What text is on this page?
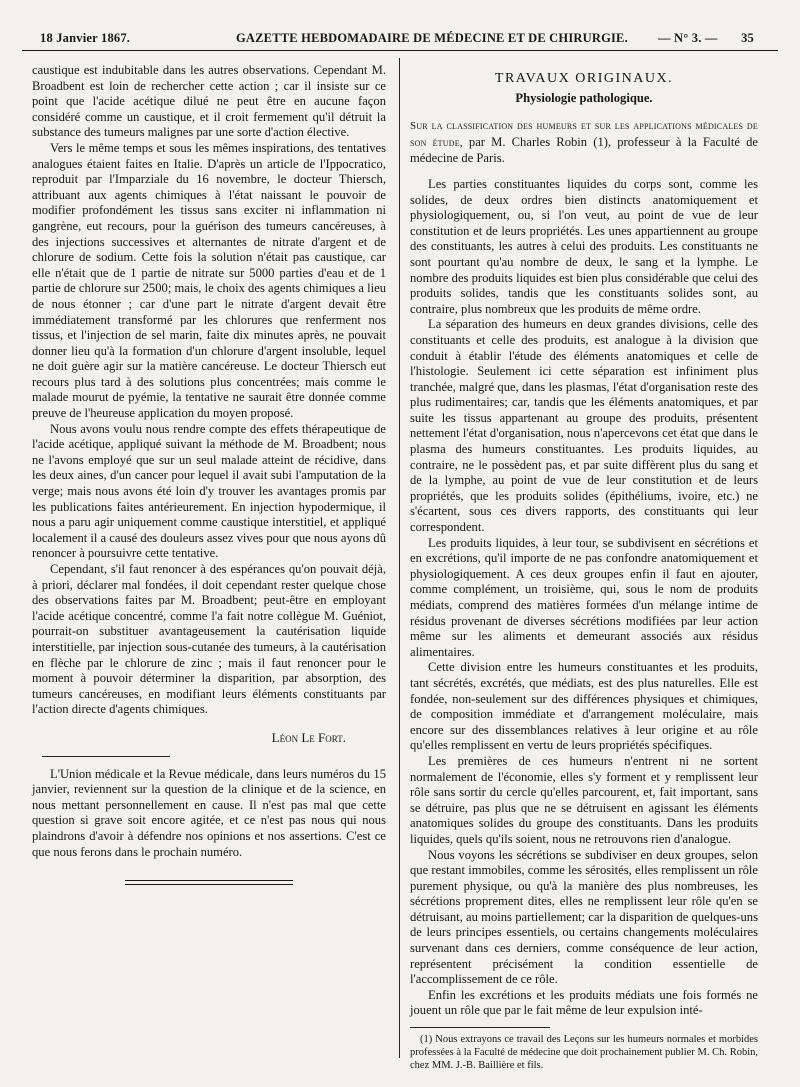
18 Janvier 1867.	GAZETTE HEBDOMADAIRE DE MÉDECINE ET DE CHIRURGIE. — N° 3. — 35

caustique est indubitable dans les autres observations. Cependant M. Broadbent est loin de rechercher cette action ; car il insiste sur ce point que l'acide acétique dilué ne peut être en aucune façon considéré comme un caustique, et il croit fermement qu'il détruit la substance des tumeurs malignes par une sorte d'action élective.

Vers le même temps et sous les mêmes inspirations, des tentatives analogues étaient faites en Italie. D'après un article de l'Ippocratico, reproduit par l'Imparziale du 16 novembre, le docteur Thiersch, attribuant aux agents chimiques à l'état naissant le pouvoir de modifier profondément les tissus sans exciter ni inflammation ni gangrène, eut recours, pour la guérison des tumeurs cancéreuses, à des injections successives et alternantes de nitrate d'argent et de chlorure de sodium. Cette fois la solution n'était pas caustique, car elle n'était que de 1 partie de nitrate sur 5000 parties d'eau et de 1 partie de chlorure sur 2500; mais, le choix des agents chimiques a lieu de nous étonner ; car d'une part le nitrate d'argent devait être immédiatement transformé par les chlorures que renferment nos tissus, et l'injection de sel marin, faite dix minutes après, ne pouvait donner lieu qu'à la formation d'un chlorure d'argent insoluble, lequel ne doit guère agir sur la matière cancéreuse. Le docteur Thiersch eut recours plus tard à des solutions plus concentrées; mais comme le malade mourut de pyémie, la tentative ne saurait être donnée comme preuve de l'heureuse application du moyen proposé.

Nous avons voulu nous rendre compte des effets thérapeutique de l'acide acétique, appliqué suivant la méthode de M. Broadbent; nous ne l'avons employé que sur un seul malade atteint de récidive, dans les deux aines, d'un cancer pour lequel il avait subi l'amputation de la verge; mais nous avons été loin d'y trouver les avantages promis par les publications faites antérieurement. En injection hypodermique, il nous a paru agir uniquement comme caustique interstitiel, et appliqué localement il a causé des douleurs assez vives pour que nous ayons dû renoncer à poursuivre cette tentative.

Cependant, s'il faut renoncer à des espérances qu'on pouvait déjà, à priori, déclarer mal fondées, il doit cependant rester quelque chose des observations faites par M. Broadbent; peut-être en employant l'acide acétique concentré, comme l'a fait notre collègue M. Guéniot, pourrait-on substituer avantageusement la cautérisation liquide interstitielle, par injection sous-cutanée des tumeurs, à la cautérisation en flèche par le chlorure de zinc ; mais il faut renoncer pour le moment à pouvoir déterminer la disparition, par absorption, des tumeurs cancéreuses, en modifiant leurs éléments constituants par l'action directe d'agents chimiques.

Léon Le Fort.

L'Union médicale et la Revue médicale, dans leurs numéros du 15 janvier, reviennent sur la question de la clinique et de la science, en nous mettant personnellement en cause. Il n'est pas mal que cette question si grave soit encore agitée, et ce n'est pas nous qui nous plaindrons d'avoir à défendre nos opinions et nos assertions. C'est ce que nous ferons dans le prochain numéro.

TRAVAUX ORIGINAUX.
Physiologie pathologique.

Sur la classification des humeurs et sur les applications médicales de son étude, par M. Charles Robin (1), professeur à la Faculté de médecine de Paris.

Les parties constituantes liquides du corps sont, comme les solides, de deux ordres bien distincts anatomiquement et physiologiquement, ou, si l'on veut, au point de vue de leur constitution et de leurs propriétés. Les unes appartiennent au groupe des constituants, les autres à celui des produits. Les constituants ne sont pourtant qu'au nombre de deux, le sang et la lymphe. Le nombre des produits liquides est bien plus considérable que celui des produits solides, tandis que les constituants solides sont, au contraire, plus nombreux que les produits de même ordre.

La séparation des humeurs en deux grandes divisions, celle des constituants et celle des produits, est analogue à la division que conduit à établir l'étude des éléments anatomiques et celle de l'histologie. Seulement ici cette séparation est infiniment plus tranchée, malgré que, dans les plasmas, l'état d'organisation reste des plus rudimentaires; car, tandis que les éléments anatomiques, et par suite les tissus appartenant au groupe des produits, présentent nettement l'état d'organisation, nous n'apercevons cet état que dans le plasma des humeurs constituantes. Les produits liquides, au contraire, ne le possèdent pas, et par suite diffèrent plus du sang et de la lymphe, au point de vue de leur constitution et de leurs propriétés, que les produits solides (épithéliums, ivoire, etc.) ne s'écartent, sous ces divers rapports, des constituants qui leur correspondent.

Les produits liquides, à leur tour, se subdivisent en sécrétions et en excrétions, qu'il importe de ne pas confondre anatomiquement et physiologiquement. A ces deux groupes enfin il faut en ajouter, comme complément, un troisième, qui, sous le nom de produits médiats, comprend des matières formées d'un mélange intime de résidus provenant de diverses sécrétions modifiées par leur action même sur les aliments et demeurant associés aux résidus alimentaires.

Cette division entre les humeurs constituantes et les produits, tant sécrétés, excrétés, que médiats, est des plus naturelles. Elle est fondée, non-seulement sur des différences physiques et chimiques, de composition immédiate et d'arrangement moléculaire, mais encore sur des dissemblances relatives à leur origine et au rôle qu'elles remplissent en vertu de leurs propriétés spécifiques.

Les premières de ces humeurs n'entrent ni ne sortent normalement de l'économie, elles s'y forment et y remplissent leur rôle sans sortir du cercle qu'elles parcourent, et, fait important, sans se détruire, pas plus que ne se détruisent en agissant les éléments anatomiques solides du groupe des constituants. Dans les produits liquides, quels qu'ils soient, nous ne retrouvons rien d'analogue.

Nous voyons les sécrétions se subdiviser en deux groupes, selon que restant immobiles, comme les sérosités, elles remplissent un rôle purement physique, ou qu'à la manière des plus nombreuses, les sécrétions proprement dites, elles ne remplissent leur rôle qu'en se détruisant, au moins partiellement; car la disparition de quelques-uns de leurs principes essentiels, ou certains changements moléculaires survenant dans ces derniers, comme conséquence de leur action, représentent précisément la condition essentielle de l'accomplissement de ce rôle.

Enfin les excrétions et les produits médiats une fois formés ne jouent un rôle que par le fait même de leur expulsion inté-

(1) Nous extrayons ce travail des Leçons sur les humeurs normales et morbides professées à la Faculté de médecine que doit prochainement publier M. Ch. Robin, chez MM. J.-B. Baillière et fils.
